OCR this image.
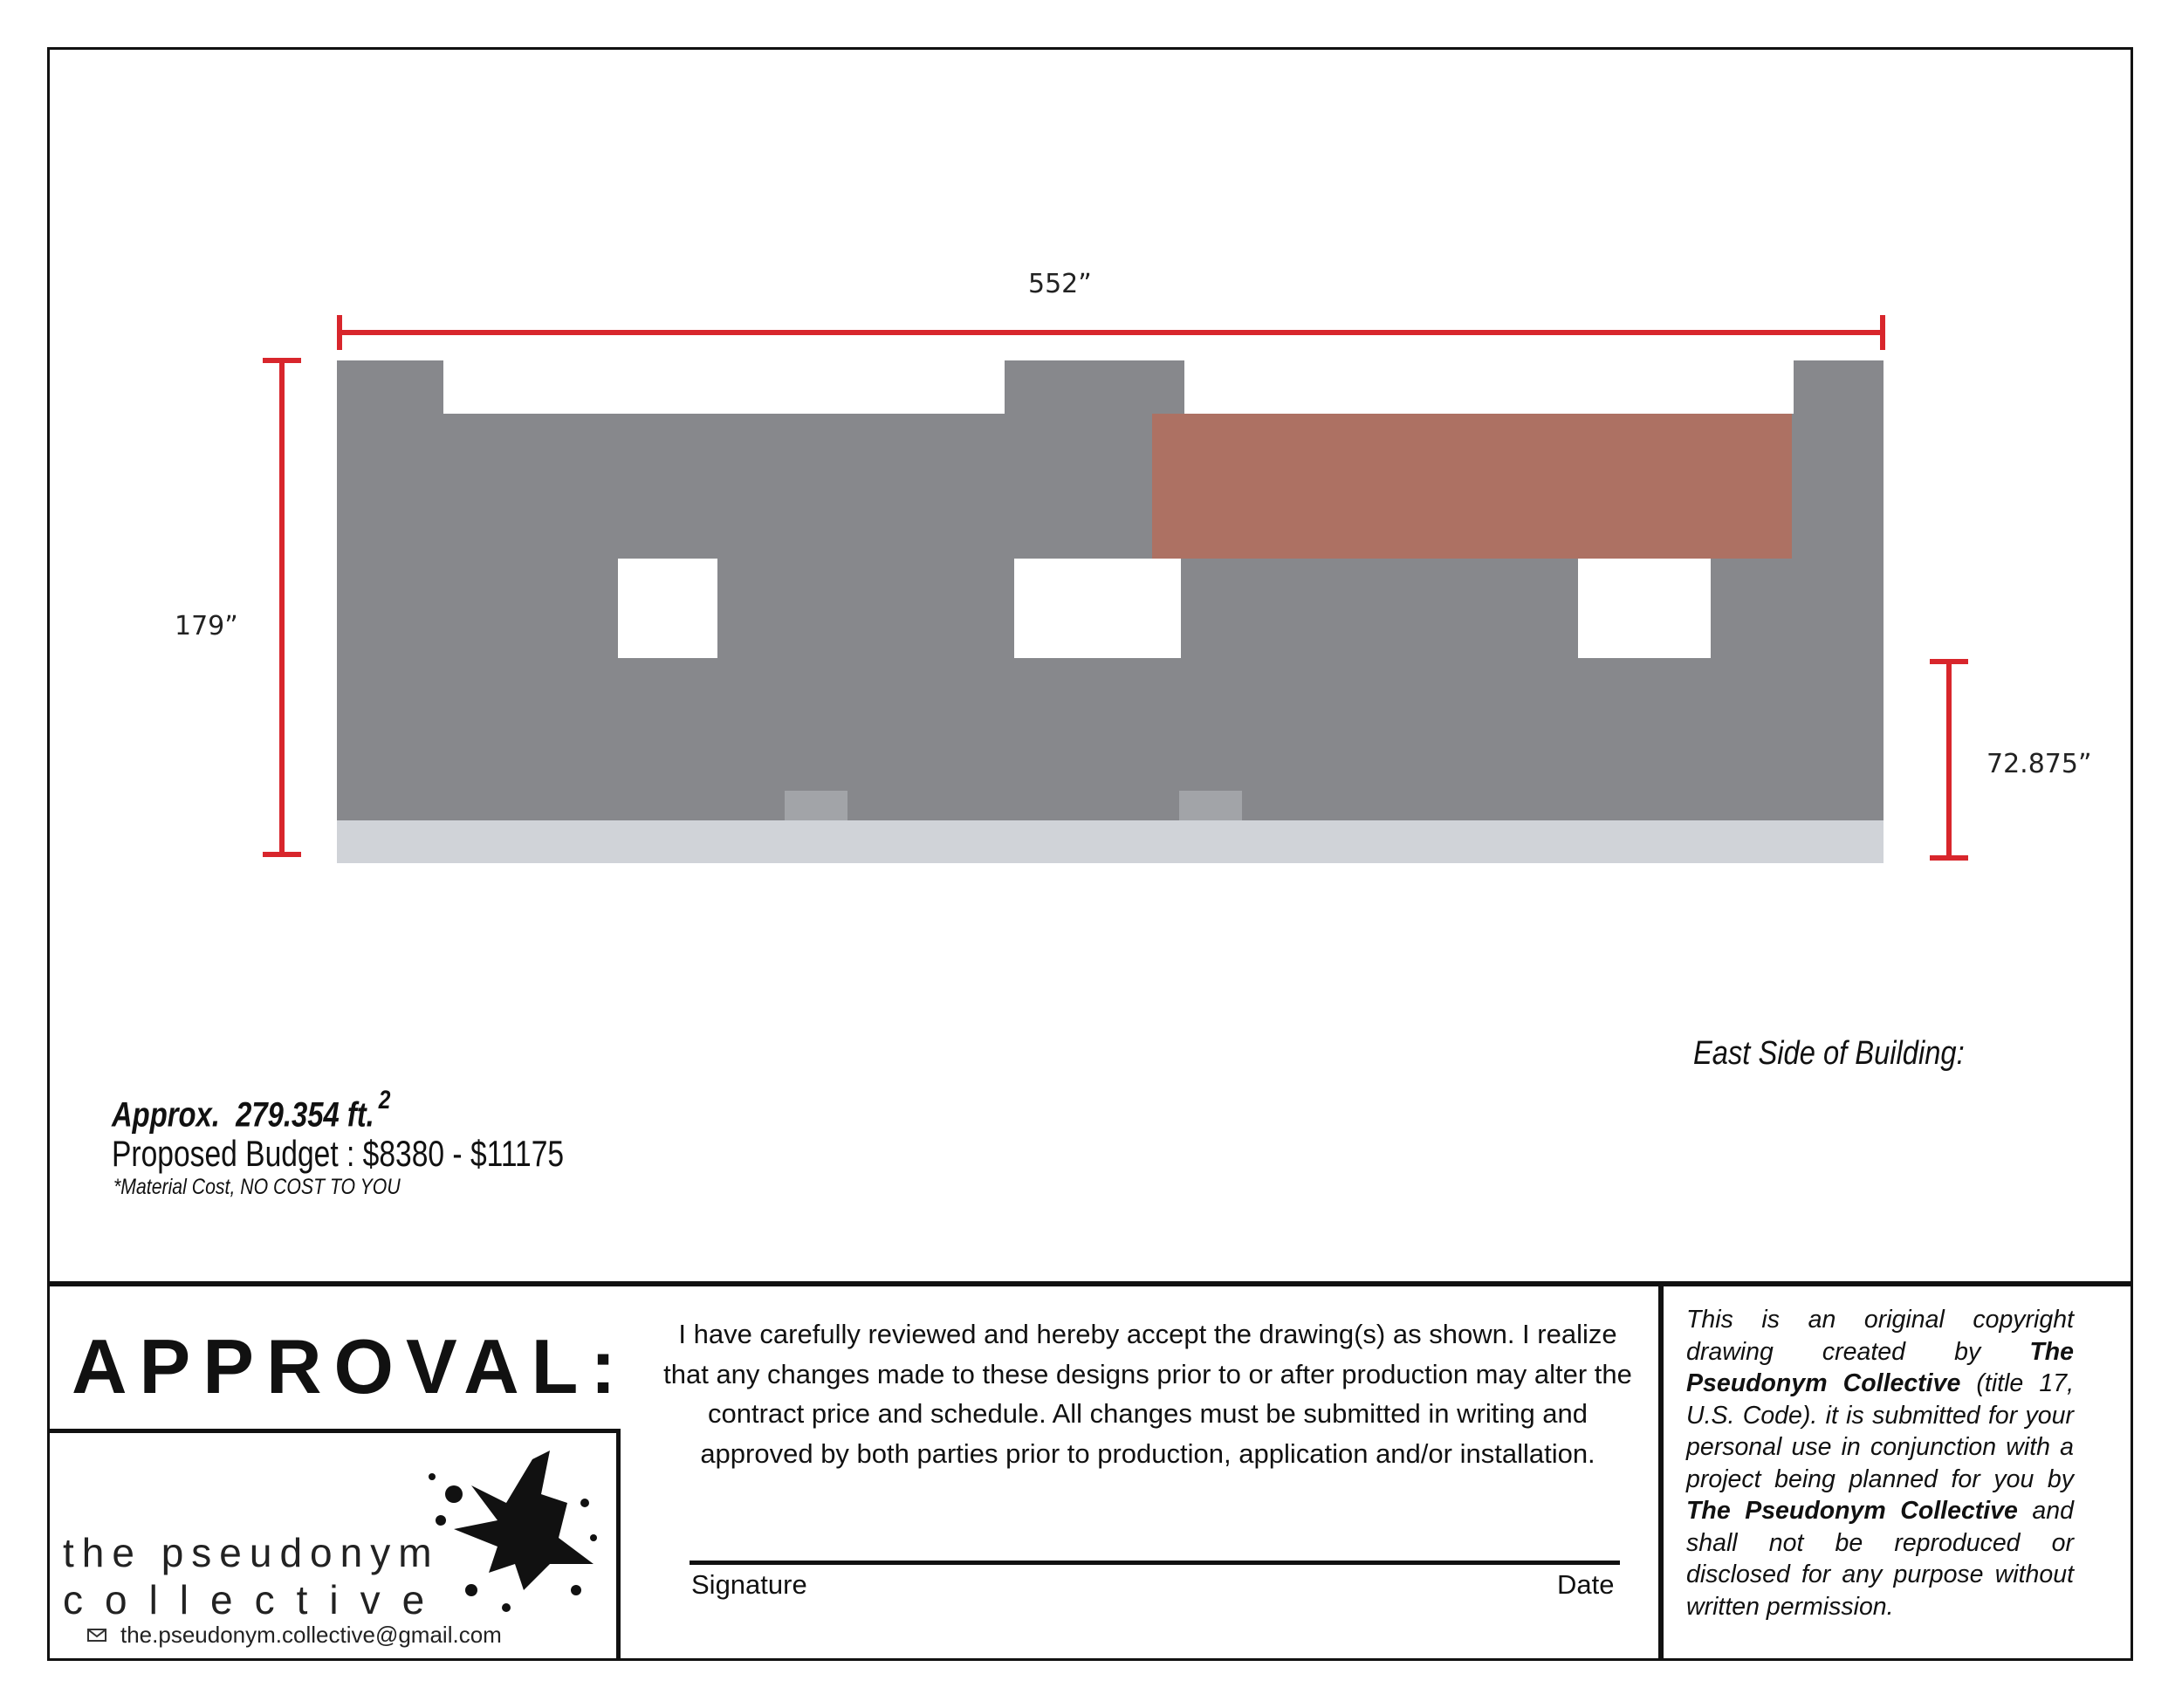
552”
179”
72.875”
East Side of Building:
Approx. 279.354 ft. $^2$
Proposed Budget : $8380 - $11175
*Material Cost, NO COST TO YOU
APPROVAL:	I have carefully reviewed and hereby accept the drawing(s) as shown. I realize that any changes made to these designs prior to or after production may alter the contract price and schedule. All changes must be submitted in writing and approved by both parties prior to production, application and/or installation.
Signature	Date
This is an original copyright drawing created by The Pseudonym Collective (title 17, U.S. Code). it is submitted for your personal use in conjunction with a project being planned for you by The Pseudonym Collective and shall not be reproduced or disclosed for any purpose without written permission.
the pseudonym
collective
the.pseudonym.collective@gmail.com
